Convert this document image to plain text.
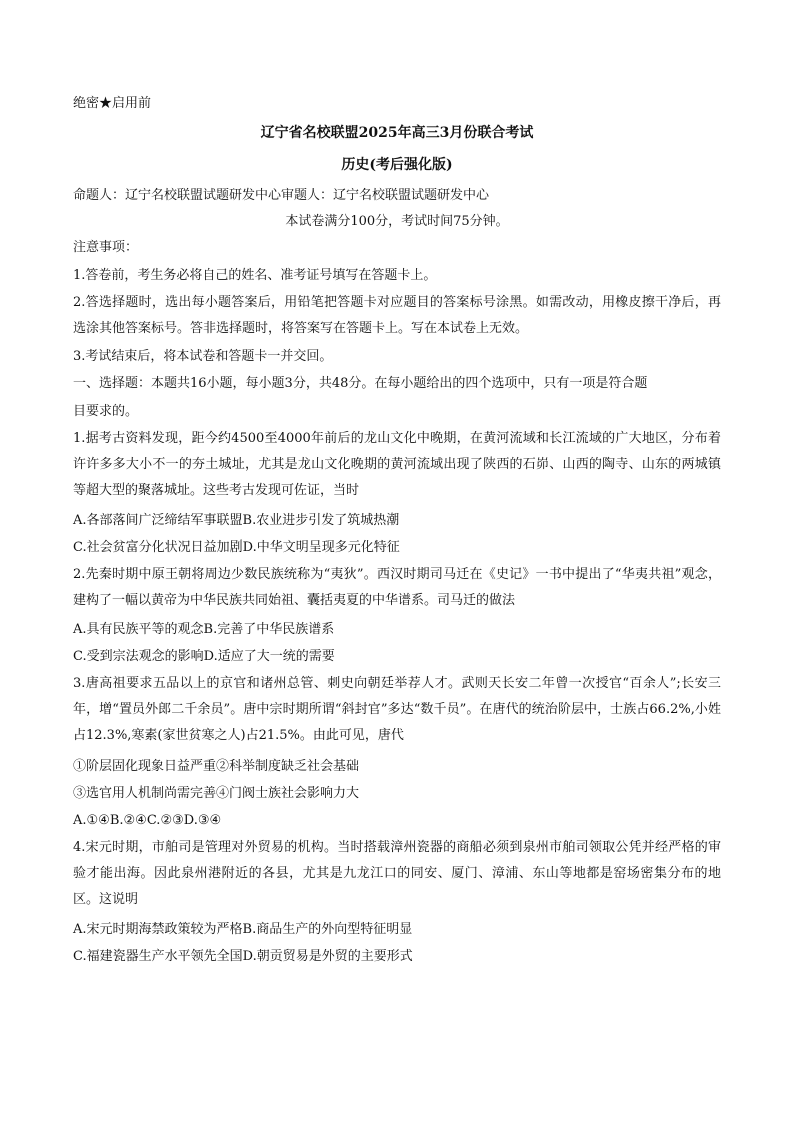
绝密★启用前
辽宁省名校联盟2025年高三3月份联合考试
历史(考后强化版)
命题人：辽宁名校联盟试题研发中心审题人：辽宁名校联盟试题研发中心
本试卷满分100分，考试时间75分钟。
注意事项：
1.答卷前，考生务必将自己的姓名、准考证号填写在答题卡上。
2.答选择题时，选出每小题答案后，用铅笔把答题卡对应题目的答案标号涂黑。如需改动，用橡皮擦干净后，再选涂其他答案标号。答非选择题时，将答案写在答题卡上。写在本试卷上无效。
3.考试结束后，将本试卷和答题卡一并交回。
一、选择题：本题共16小题，每小题3分，共48分。在每小题给出的四个选项中，只有一项是符合题
目要求的。
1.据考古资料发现，距今约4500至4000年前后的龙山文化中晚期，在黄河流域和长江流域的广大地区，分布着许许多多大小不一的夯土城址，尤其是龙山文化晚期的黄河流域出现了陕西的石峁、山西的陶寺、山东的两城镇等超大型的聚落城址。这些考古发现可佐证，当时
A.各部落间广泛缔结军事联盟B.农业进步引发了筑城热潮
C.社会贫富分化状况日益加剧D.中华文明呈现多元化特征
2.先秦时期中原王朝将周边少数民族统称为“夷狄”。西汉时期司马迁在《史记》一书中提出了“华夷共祖”观念，建构了一幅以黄帝为中华民族共同始祖、囊括夷夏的中华谱系。司马迁的做法
A.具有民族平等的观念B.完善了中华民族谱系
C.受到宗法观念的影响D.适应了大一统的需要
3.唐高祖要求五品以上的京官和诸州总管、刺史向朝廷举荐人才。武则天长安二年曾一次授官“百余人”;长安三年，增“置员外郎二千余员”。唐中宗时期所谓“斜封官”多达“数千员”。在唐代的统治阶层中，士族占66.2%,小姓占12.3%,寒素(家世贫寒之人)占21.5%。由此可见，唐代
①阶层固化现象日益严重②科举制度缺乏社会基础
③选官用人机制尚需完善④门阀士族社会影响力大
A.①④B.②④C.②③D.③④
4.宋元时期，市舶司是管理对外贸易的机构。当时搭载漳州瓷器的商船必须到泉州市舶司领取公凭并经严格的审验才能出海。因此泉州港附近的各县，尤其是九龙江口的同安、厦门、漳浦、东山等地都是窑场密集分布的地区。这说明
A.宋元时期海禁政策较为严格B.商品生产的外向型特征明显
C.福建瓷器生产水平领先全国D.朝贡贸易是外贸的主要形式
